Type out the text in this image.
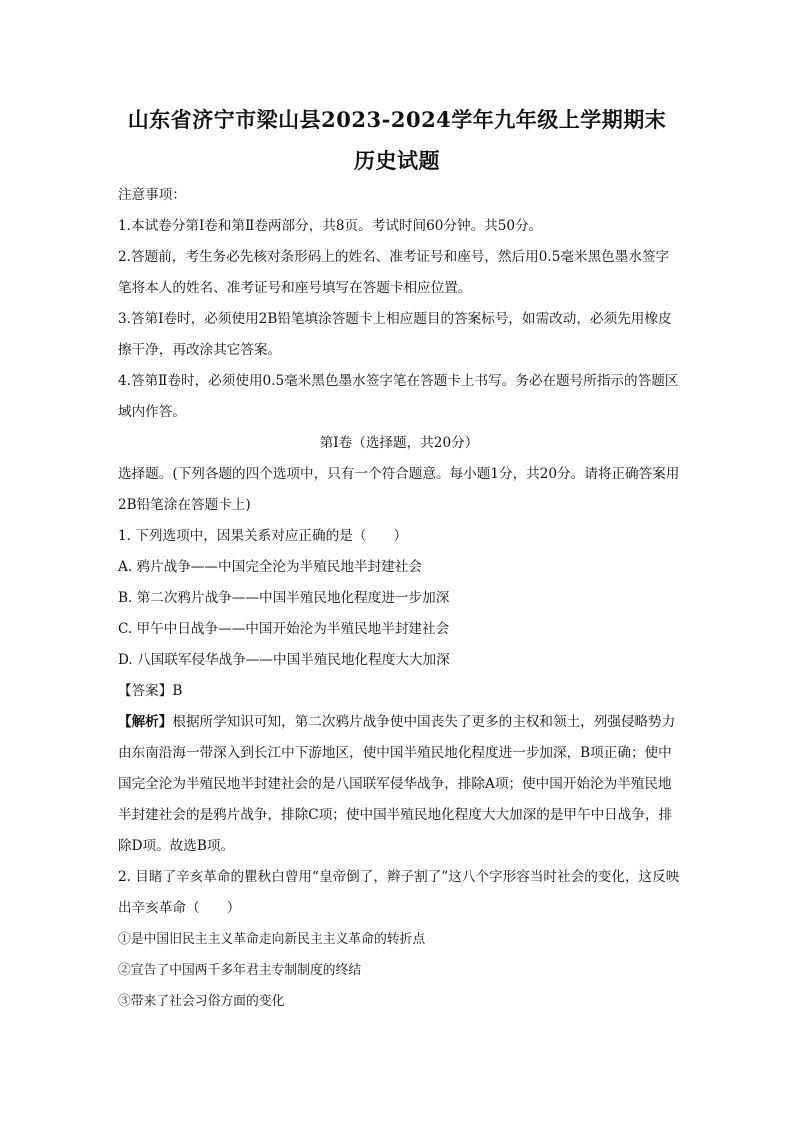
山东省济宁市梁山县2023-2024学年九年级上学期期末
历史试题

注意事项：

1.本试卷分第Ⅰ卷和第Ⅱ卷两部分，共8页。考试时间60分钟。共50分。

2.答题前，考生务必先核对条形码上的姓名、准考证号和座号，然后用0.5毫米黑色墨水签字笔将本人的姓名、准考证号和座号填写在答题卡相应位置。

3.答第Ⅰ卷时，必须使用2B铅笔填涂答题卡上相应题目的答案标号，如需改动，必须先用橡皮擦干净，再改涂其它答案。

4.答第Ⅱ卷时，必须使用0.5毫米黑色墨水签字笔在答题卡上书写。务必在题号所指示的答题区域内作答。

第Ⅰ卷（选择题，共20分）

选择题。(下列各题的四个选项中，只有一个符合题意。每小题1分，共20分。请将正确答案用2B铅笔涂在答题卡上)

1. 下列选项中，因果关系对应正确的是（　　）

A. 鸦片战争——中国完全沦为半殖民地半封建社会

B. 第二次鸦片战争——中国半殖民地化程度进一步加深

C. 甲午中日战争——中国开始沦为半殖民地半封建社会

D. 八国联军侵华战争——中国半殖民地化程度大大加深

【答案】B

【解析】根据所学知识可知，第二次鸦片战争使中国丧失了更多的主权和领土，列强侵略势力由东南沿海一带深入到长江中下游地区，使中国半殖民地化程度进一步加深，B项正确；使中国完全沦为半殖民地半封建社会的是八国联军侵华战争，排除A项；使中国开始沦为半殖民地半封建社会的是鸦片战争，排除C项；使中国半殖民地化程度大大加深的是甲午中日战争，排除D项。故选B项。

2. 目睹了辛亥革命的瞿秋白曾用“皇帝倒了，辫子割了”这八个字形容当时社会的变化，这反映出辛亥革命（　　）

①是中国旧民主主义革命走向新民主主义革命的转折点

②宣告了中国两千多年君主专制制度的终结

③带来了社会习俗方面的变化
